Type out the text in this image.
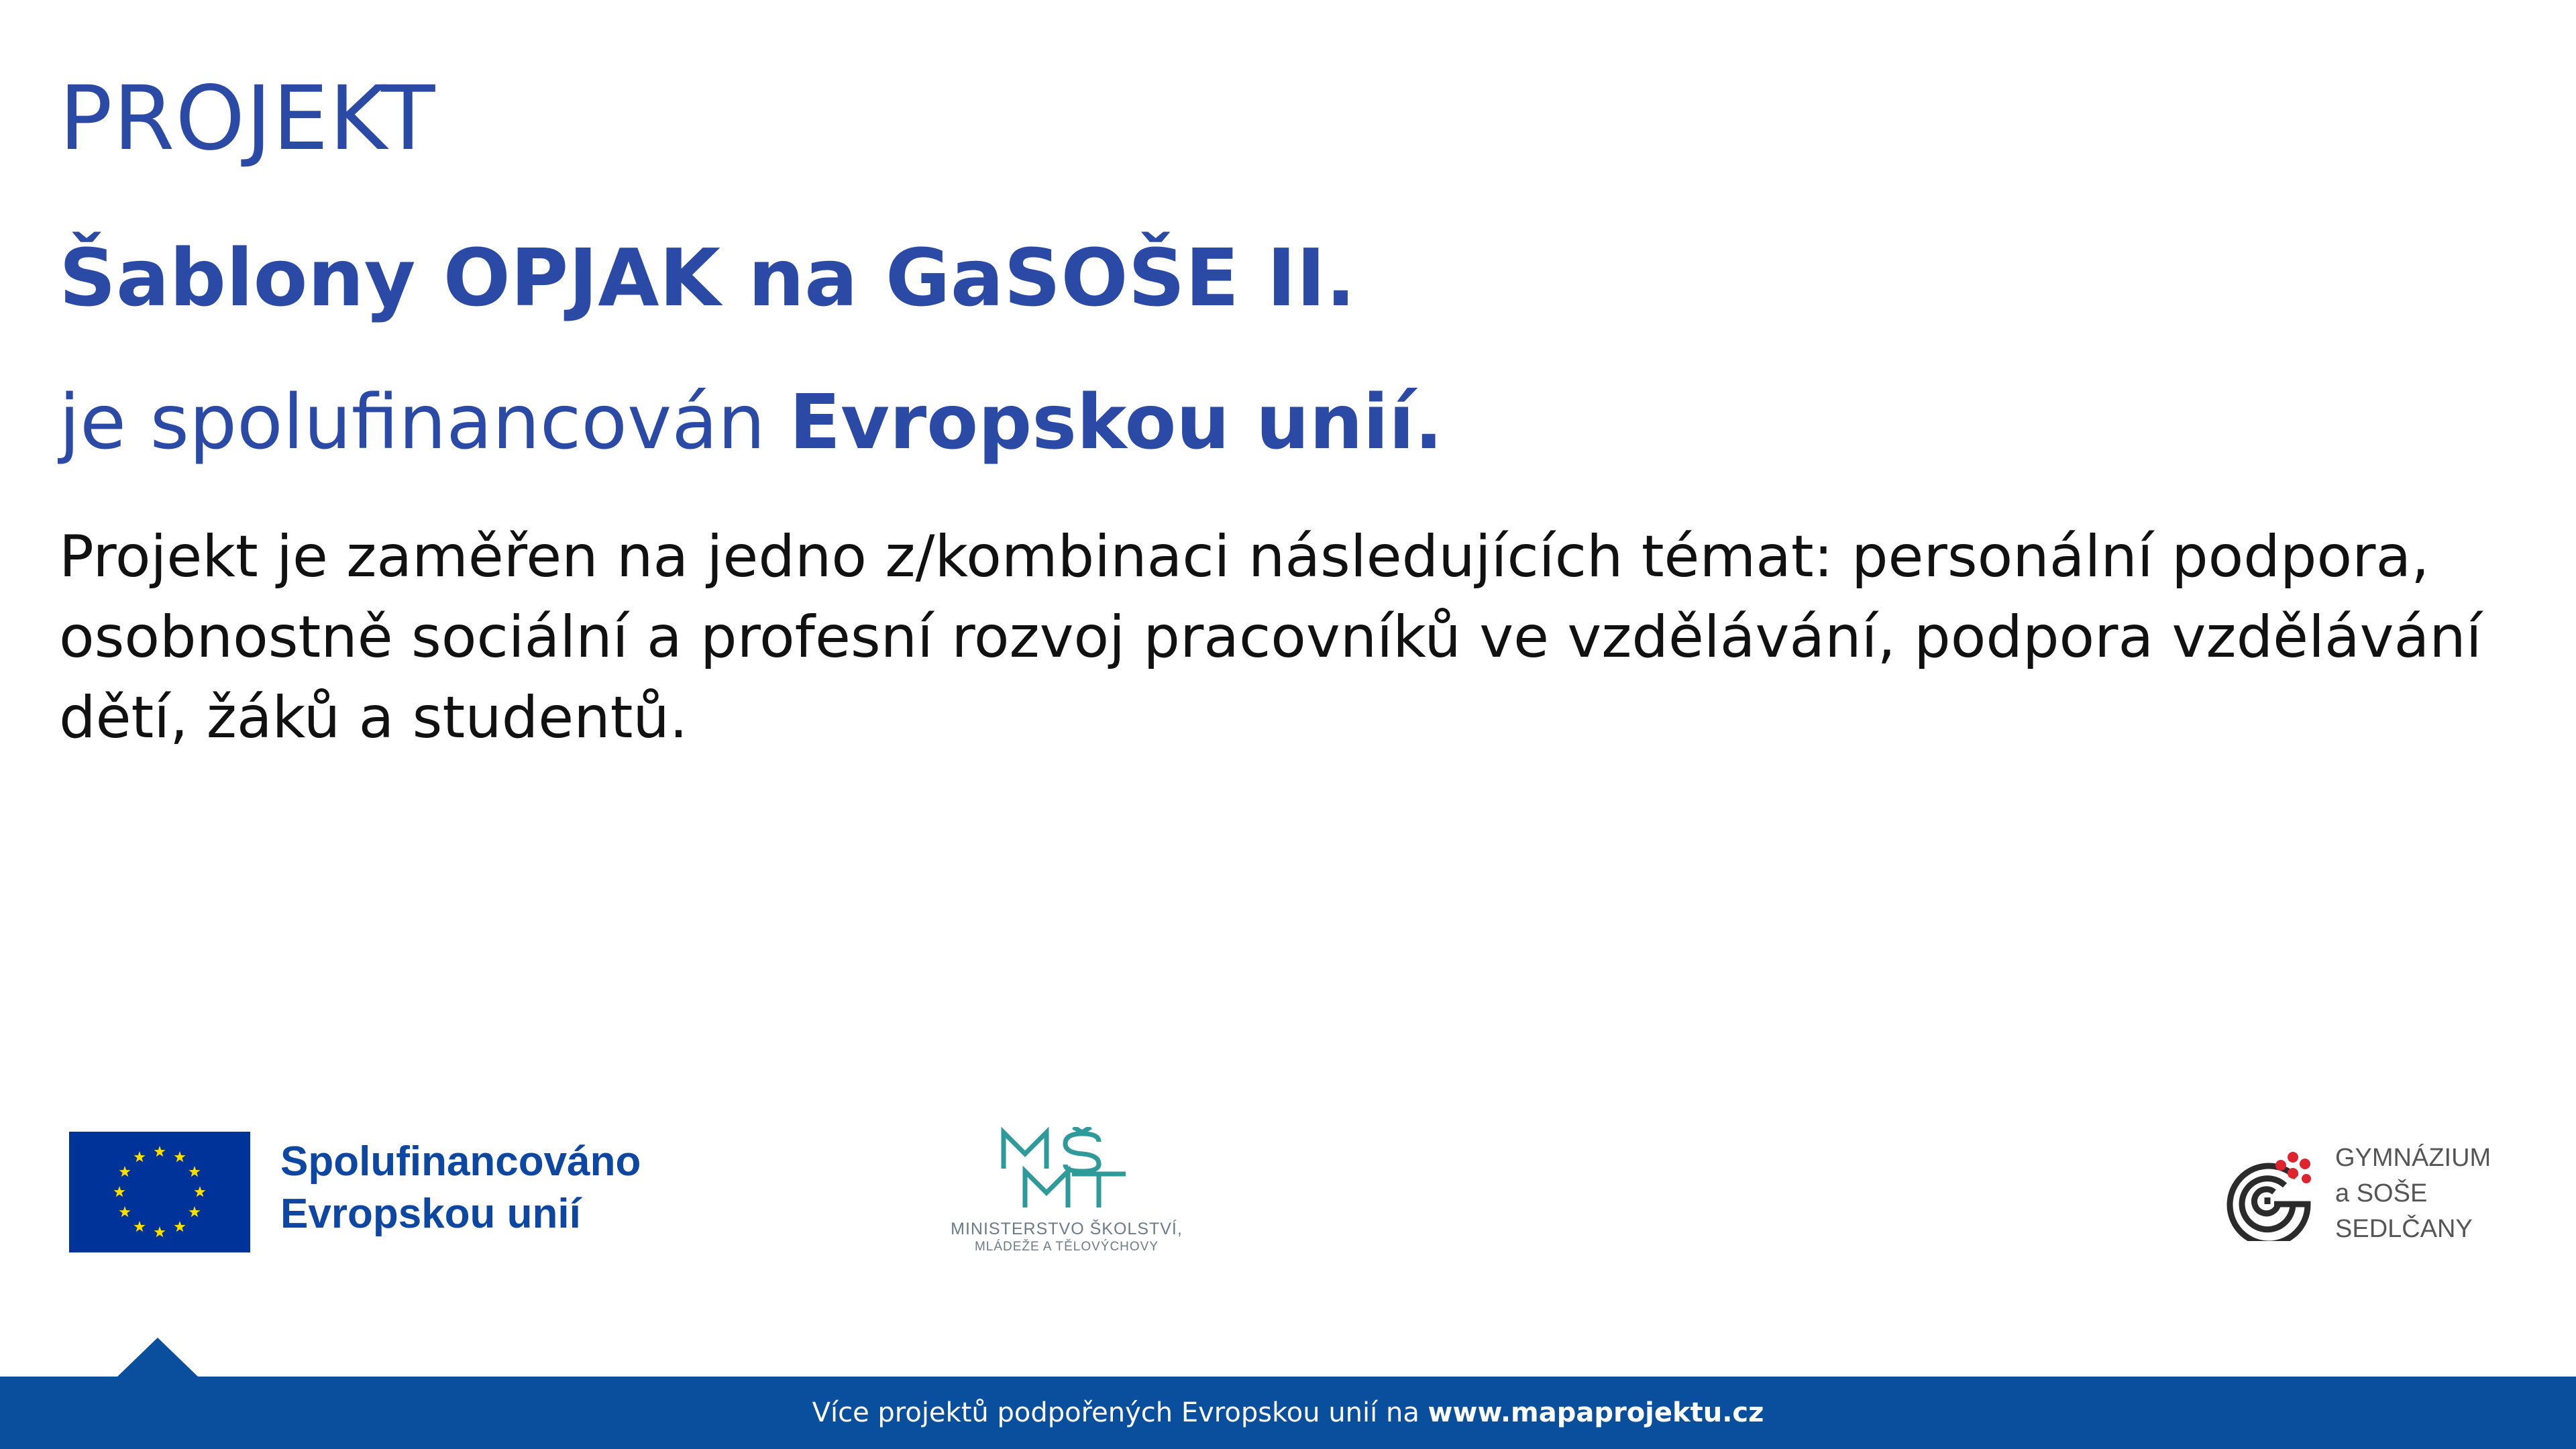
PROJEKT
Šablony OPJAK na GaSOŠE II.

je spolufinancován Evropskou unií.

Projekt je zaměřen na jedno z/kombinaci následujících témat: personální podpora, osobnostně sociální a profesní rozvoj pracovníků ve vzdělávání, podpora vzdělávání dětí, žáků a studentů.

Spolufinancováno
Evropskou unií	MINISTERSTVO ŠKOLSTVÍ,
MLÁDEŽE A TĚLOVÝCHOVY
GYMNÁZIUM
a SOŠE
SEDLČANY
Více projektů podpořených Evropskou unií na www.mapaprojektu.cz
